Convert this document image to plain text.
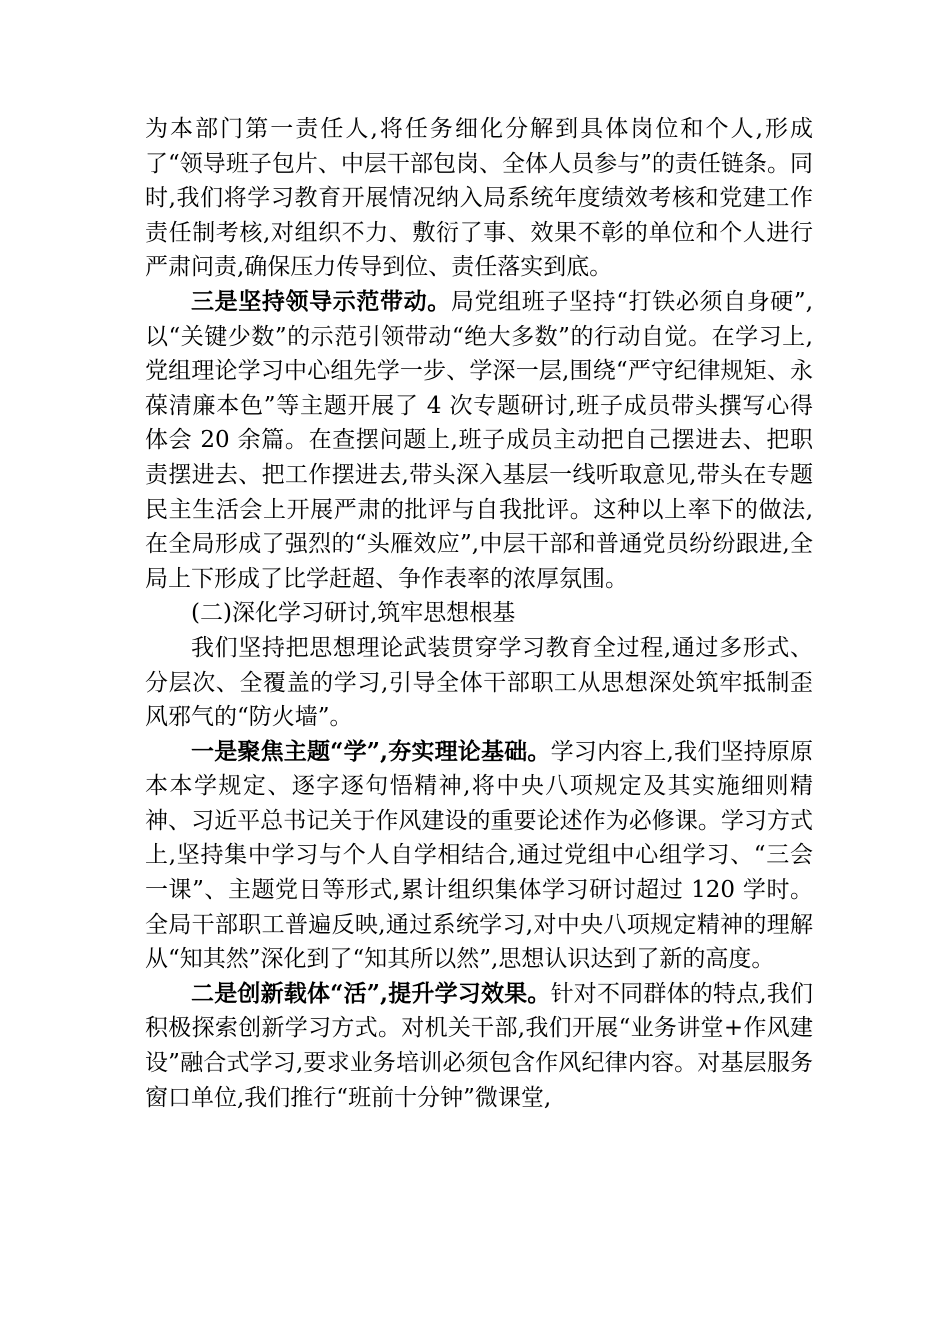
为本部门第一责任人,将任务细化分解到具体岗位和个人,形成了“领导班子包片、中层干部包岗、全体人员参与”的责任链条。同时,我们将学习教育开展情况纳入局系统年度绩效考核和党建工作责任制考核,对组织不力、敷衍了事、效果不彰的单位和个人进行严肃问责,确保压力传导到位、责任落实到底。

三是坚持领导示范带动。局党组班子坚持“打铁必须自身硬”,以“关键少数”的示范引领带动“绝大多数”的行动自觉。在学习上,党组理论学习中心组先学一步、学深一层,围绕“严守纪律规矩、永葆清廉本色”等主题开展了 4 次专题研讨,班子成员带头撰写心得体会 20 余篇。在查摆问题上,班子成员主动把自己摆进去、把职责摆进去、把工作摆进去,带头深入基层一线听取意见,带头在专题民主生活会上开展严肃的批评与自我批评。这种以上率下的做法,在全局形成了强烈的“头雁效应”,中层干部和普通党员纷纷跟进,全局上下形成了比学赶超、争作表率的浓厚氛围。

(二)深化学习研讨,筑牢思想根基

我们坚持把思想理论武装贯穿学习教育全过程,通过多形式、分层次、全覆盖的学习,引导全体干部职工从思想深处筑牢抵制歪风邪气的“防火墙”。

一是聚焦主题“学”,夯实理论基础。学习内容上,我们坚持原原本本学规定、逐字逐句悟精神,将中央八项规定及其实施细则精神、习近平总书记关于作风建设的重要论述作为必修课。学习方式上,坚持集中学习与个人自学相结合,通过党组中心组学习、“三会一课”、主题党日等形式,累计组织集体学习研讨超过 120 学时。全局干部职工普遍反映,通过系统学习,对中央八项规定精神的理解从“知其然”深化到了“知其所以然”,思想认识达到了新的高度。

二是创新载体“活”,提升学习效果。针对不同群体的特点,我们积极探索创新学习方式。对机关干部,我们开展“业务讲堂+作风建设”融合式学习,要求业务培训必须包含作风纪律内容。对基层服务窗口单位,我们推行“班前十分钟”微课堂,
